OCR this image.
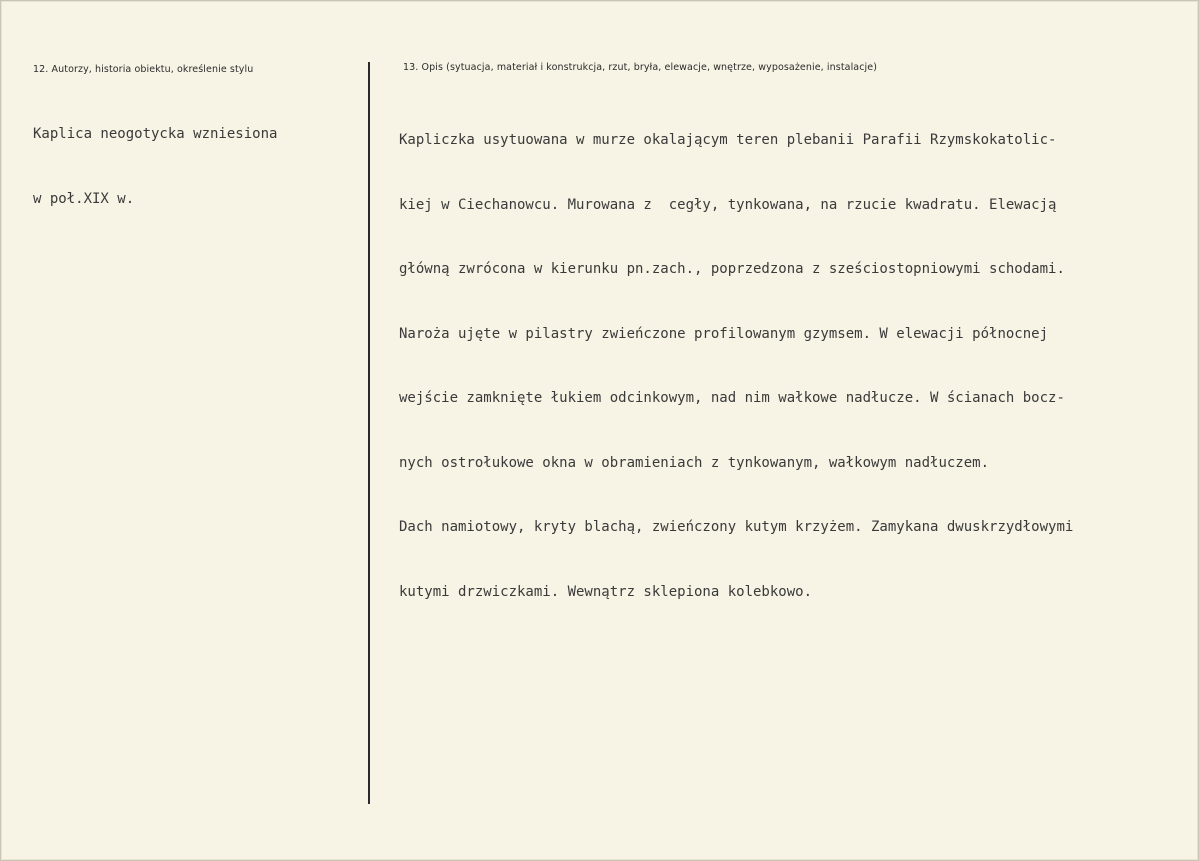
12. Autorzy, historia obiektu, określenie stylu

Kaplica neogotycka wzniesiona

w poł.XIX w.

13. Opis (sytuacja, materiał i konstrukcja, rzut, bryła, elewacje, wnętrze, wyposażenie, instalacje)

Kapliczka usytuowana w murze okalającym teren plebanii Parafii Rzymskokatolic-

kiej w Ciechanowcu. Murowana z  cegły, tynkowana, na rzucie kwadratu. Elewacją

główną zwrócona w kierunku pn.zach., poprzedzona z sześciostopniowymi schodami.

Naroża ujęte w pilastry zwieńczone profilowanym gzymsem. W elewacji północnej

wejście zamknięte łukiem odcinkowym, nad nim wałkowe nadłucze. W ścianach bocz-

nych ostrołukowe okna w obramieniach z tynkowanym, wałkowym nadłuczem.

Dach namiotowy, kryty blachą, zwieńczony kutym krzyżem. Zamykana dwuskrzydłowymi

kutymi drzwiczkami. Wewnątrz sklepiona kolebkowo.
